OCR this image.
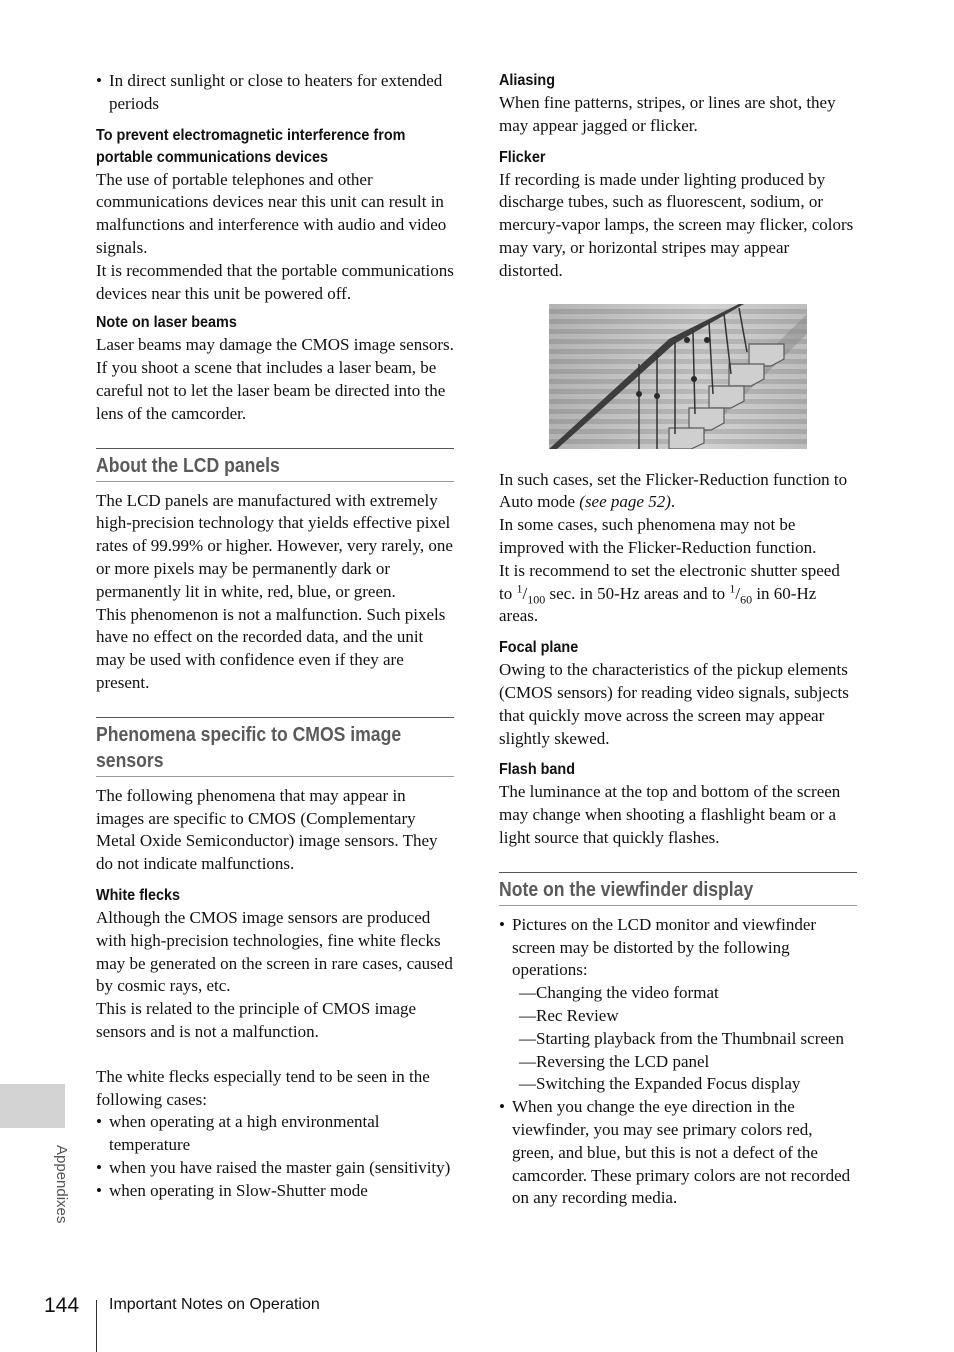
Appendixes
• In direct sunlight or close to heaters for extended periods

To prevent electromagnetic interference from portable communications devices

The use of portable telephones and other communications devices near this unit can result in malfunctions and interference with audio and video signals.

It is recommended that the portable communications devices near this unit be powered off.

Note on laser beams

Laser beams may damage the CMOS image sensors. If you shoot a scene that includes a laser beam, be careful not to let the laser beam be directed into the lens of the camcorder.

About the LCD panels

The LCD panels are manufactured with extremely high-precision technology that yields effective pixel rates of 99.99% or higher. However, very rarely, one or more pixels may be permanently dark or permanently lit in white, red, blue, or green.

This phenomenon is not a malfunction. Such pixels have no effect on the recorded data, and the unit may be used with confidence even if they are present.

Phenomena specific to CMOS image sensors

The following phenomena that may appear in images are specific to CMOS (Complementary Metal Oxide Semiconductor) image sensors. They do not indicate malfunctions.

White flecks

Although the CMOS image sensors are produced with high-precision technologies, fine white flecks may be generated on the screen in rare cases, caused by cosmic rays, etc.

This is related to the principle of CMOS image sensors and is not a malfunction.

The white flecks especially tend to be seen in the following cases:

• when operating at a high environmental temperature
• when you have raised the master gain (sensitivity)
• when operating in Slow-Shutter mode

Aliasing

When fine patterns, stripes, or lines are shot, they may appear jagged or flicker.

Flicker

If recording is made under lighting produced by discharge tubes, such as fluorescent, sodium, or mercury-vapor lamps, the screen may flicker, colors may vary, or horizontal stripes may appear distorted.

In such cases, set the Flicker-Reduction function to Auto mode (see page 52).

In some cases, such phenomena may not be improved with the Flicker-Reduction function.

It is recommend to set the electronic shutter speed to $^1/_{100}$ sec. in 50-Hz areas and to $^1/_{60}$ in 60-Hz areas.

Focal plane

Owing to the characteristics of the pickup elements (CMOS sensors) for reading video signals, subjects that quickly move across the screen may appear slightly skewed.

Flash band

The luminance at the top and bottom of the screen may change when shooting a flashlight beam or a light source that quickly flashes.

Note on the viewfinder display
• Pictures on the LCD monitor and viewfinder screen may be distorted by the following operations:
—Changing the video format
—Rec Review
—Starting playback from the Thumbnail screen
—Reversing the LCD panel
—Switching the Expanded Focus display
• When you change the eye direction in the viewfinder, you may see primary colors red, green, and blue, but this is not a defect of the camcorder. These primary colors are not recorded on any recording media.
144 Important Notes on Operation
